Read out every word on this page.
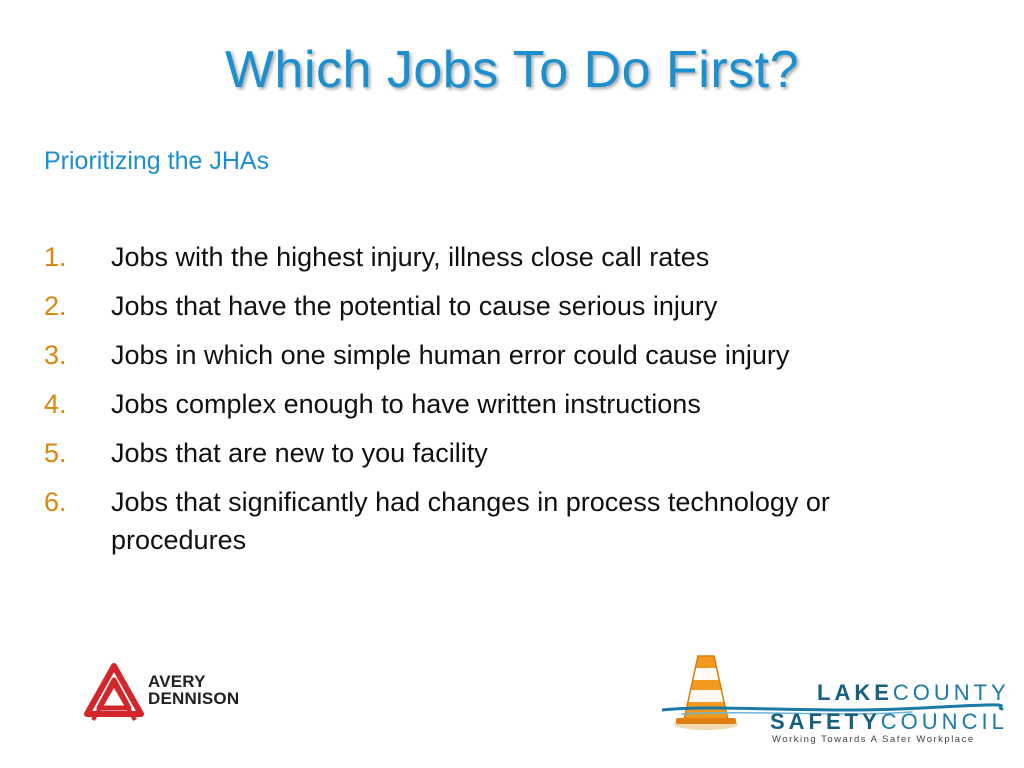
Which Jobs To Do First?
Prioritizing the JHAs
1. Jobs with the highest injury, illness close call rates
2. Jobs that have the potential to cause serious injury
3. Jobs in which one simple human error could cause injury
4. Jobs complex enough to have written instructions
5. Jobs that are new to you facility
6. Jobs that significantly had changes in process technology or procedures
AVERY
DENNISON	LAKECOUNTY
SAFETYCOUNCIL
Working Towards A Safer Workplace
